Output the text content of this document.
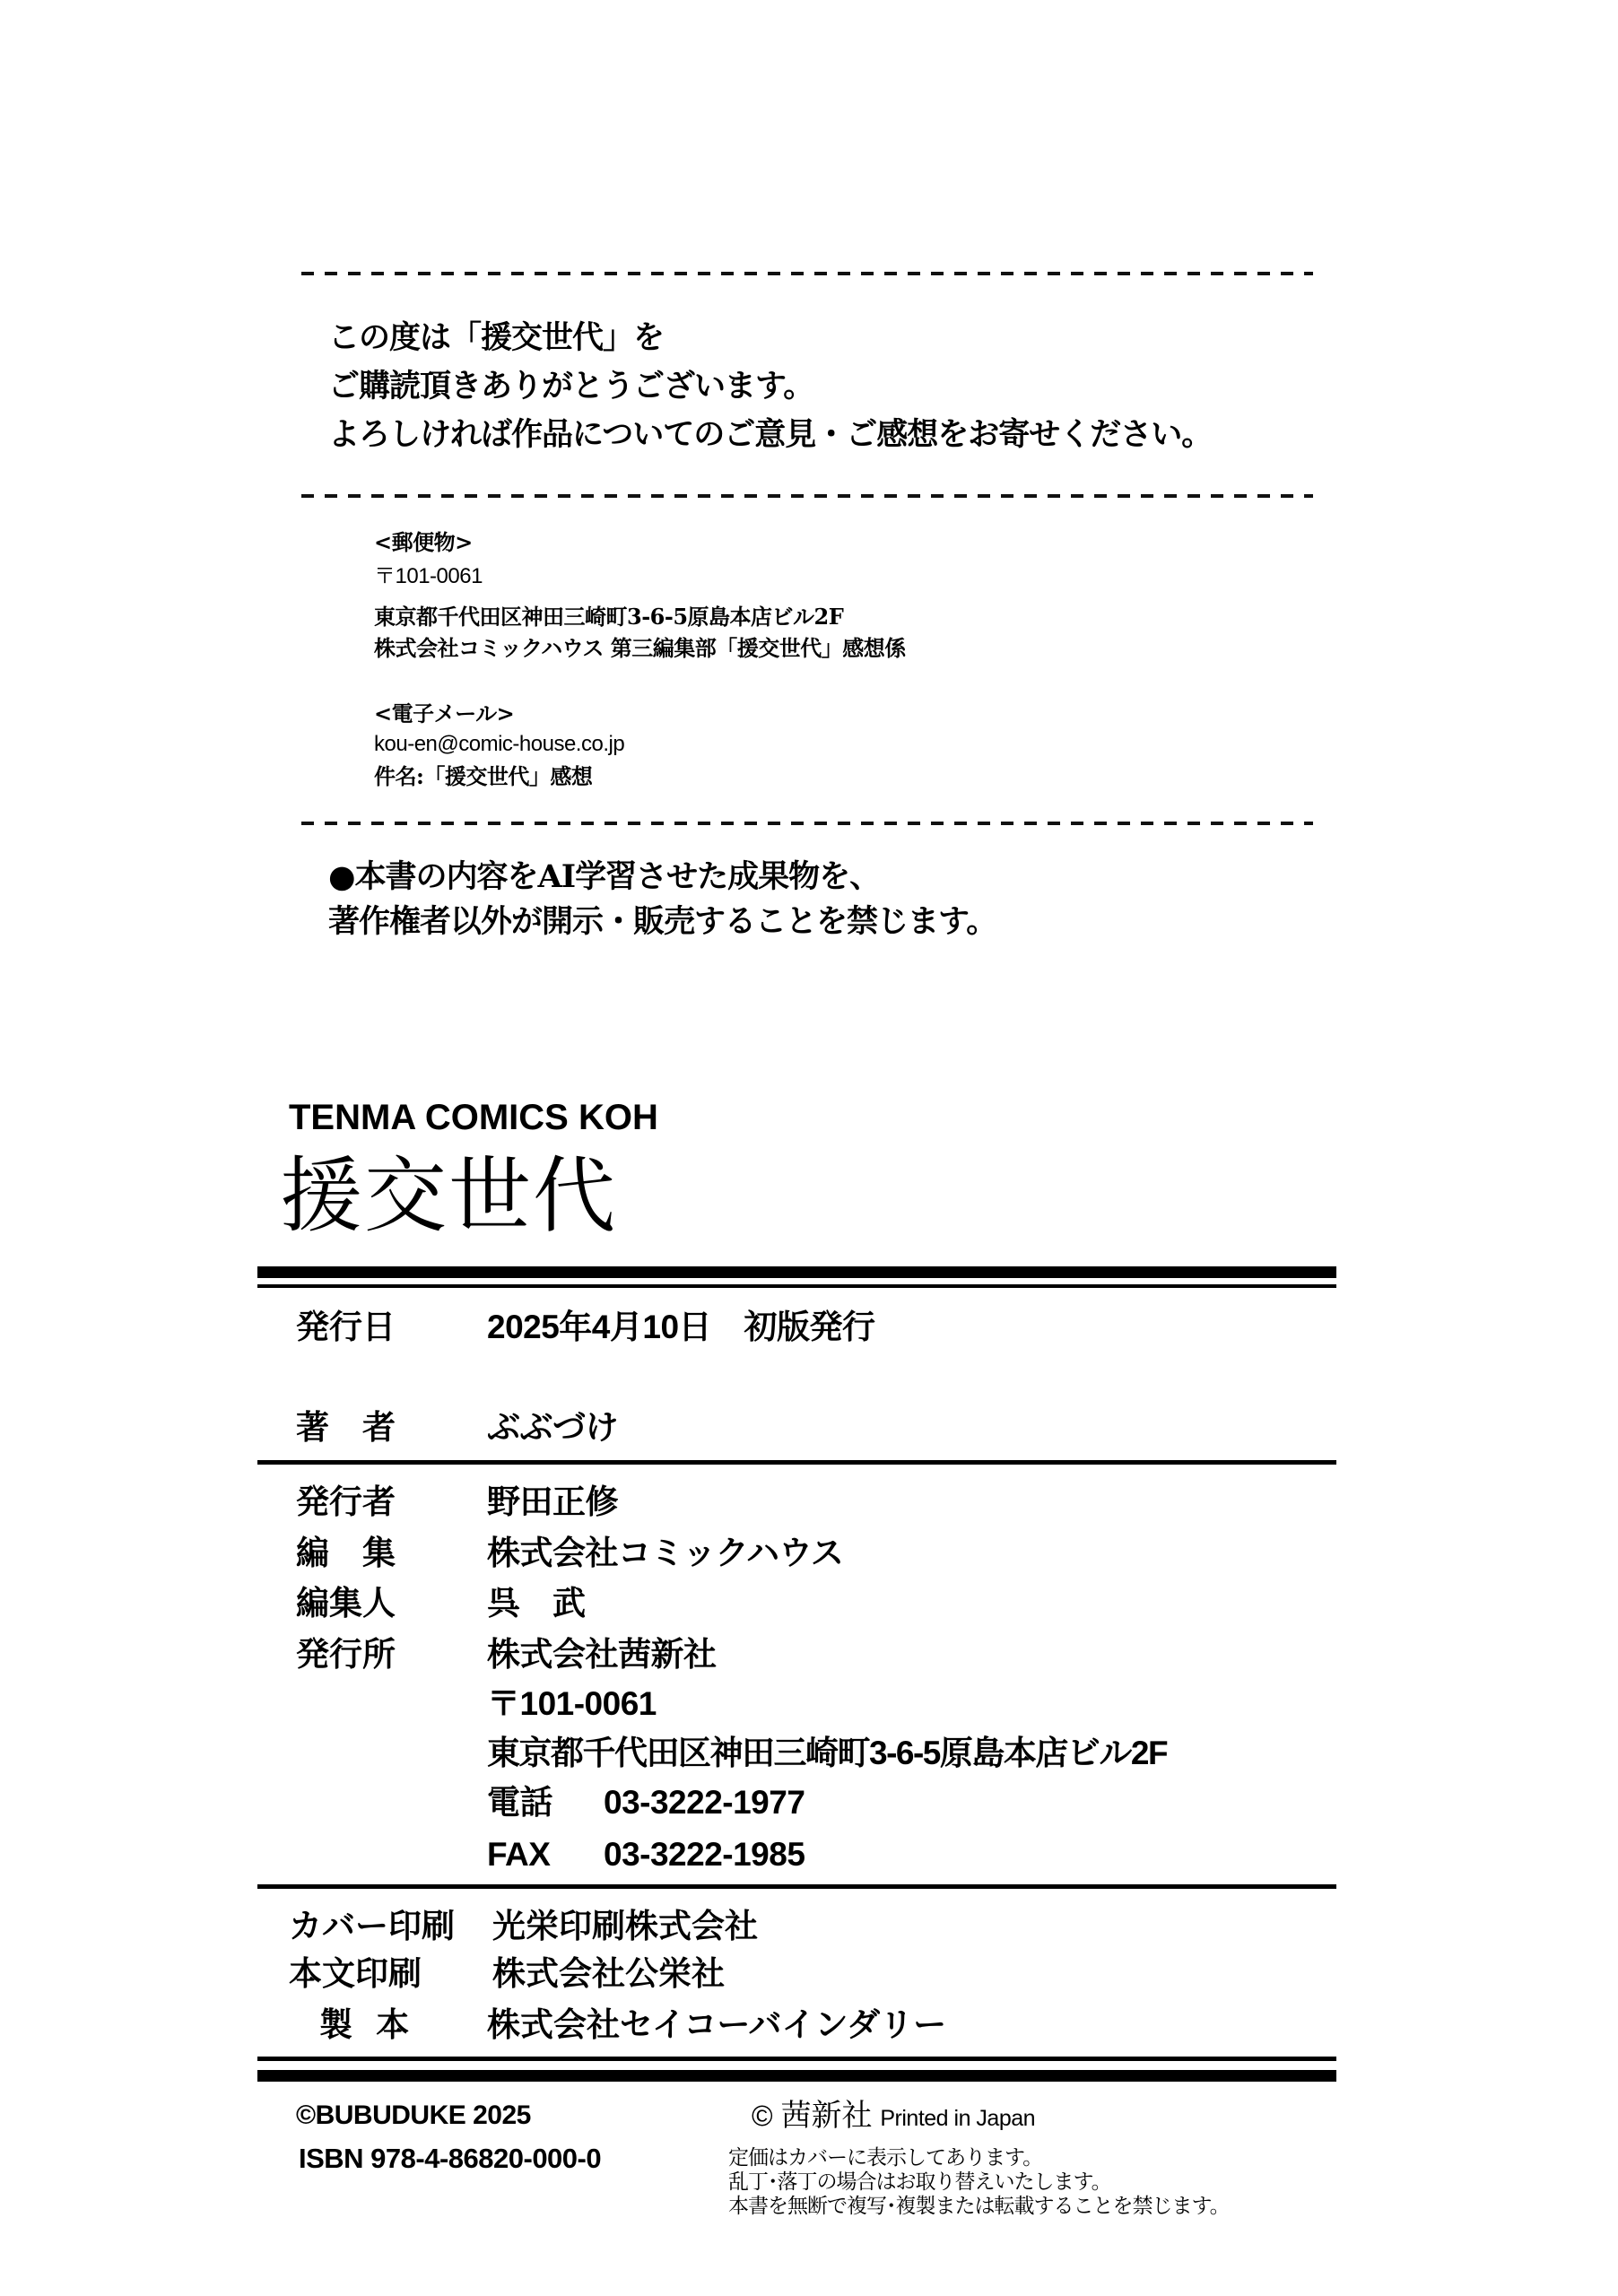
この度は「援交世代」を
ご購読頂きありがとうございます。
よろしければ作品についてのご意見・ご感想をお寄せください。
<郵便物>
〒101-0061
東京都千代田区神田三崎町3-6-5原島本店ビル2F
株式会社コミックハウス 第三編集部「援交世代」感想係
<電子メール>
kou-en@comic-house.co.jp
件名:「援交世代」感想
●本書の内容をAI学習させた成果物を、
著作権者以外が開示・販売することを禁じます。
TENMA COMICS KOH
援交世代
発行日	2025年4月10日　初版発行
著　者	ぶぶづけ
発行者	野田正修
編　集	株式会社コミックハウス
編集人	呉　武
発行所	株式会社茜新社
〒101-0061
東京都千代田区神田三崎町3-6-5原島本店ビル2F
電話 03-3222-1977
FAX 03-3222-1985
カバー印刷 光栄印刷株式会社
本文印刷 株式会社公栄社
製 本 株式会社セイコーバインダリー
©BUBUDUKE 2025
ISBN 978-4-86820-000-0
© 茜新社 Printed in Japan
定価はカバーに表示してあります。
乱丁･落丁の場合はお取り替えいたします。
本書を無断で複写･複製または転載することを禁じます。
